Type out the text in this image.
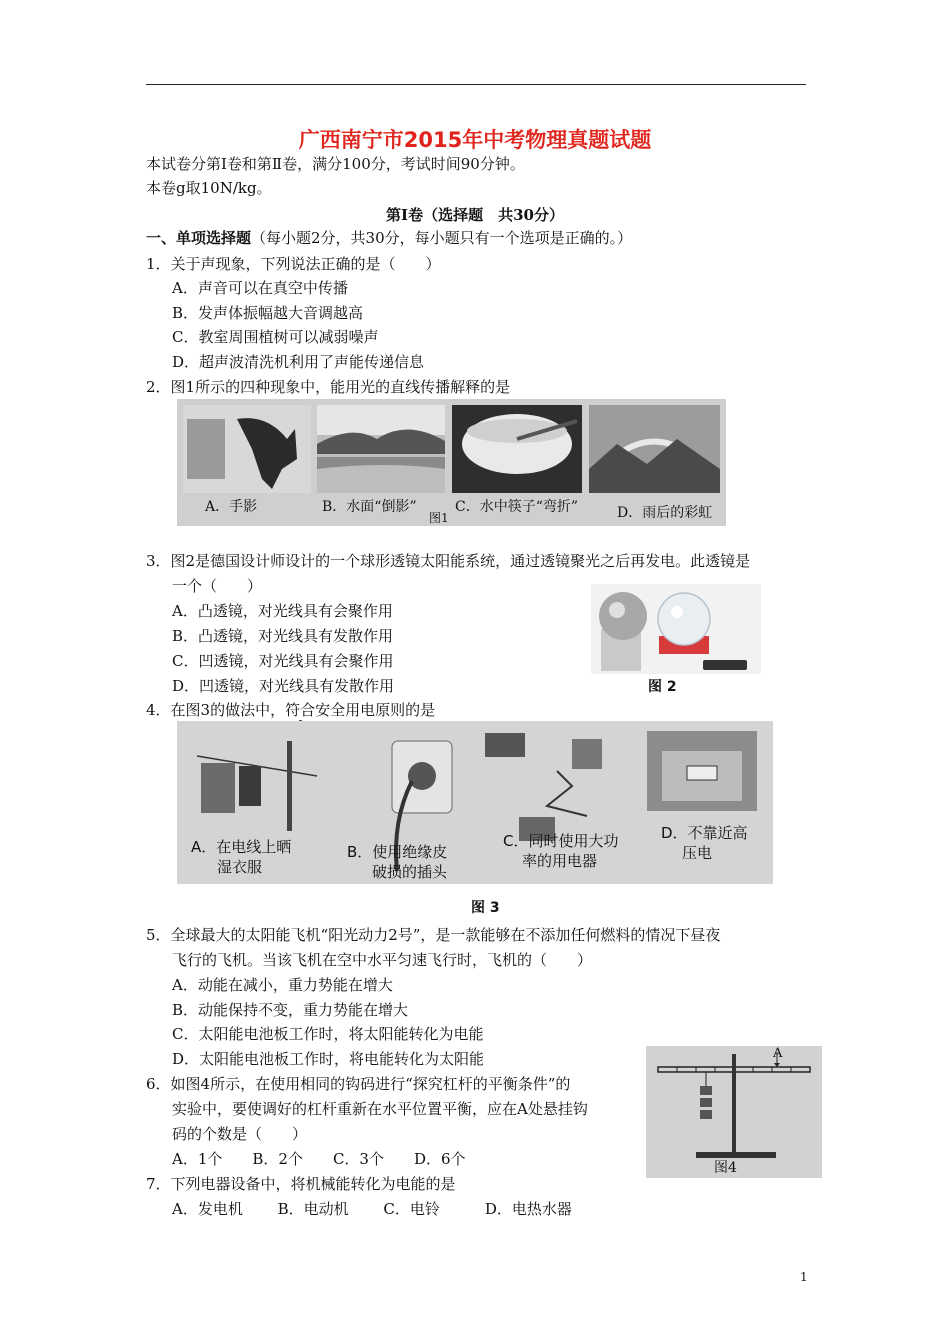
广西南宁市2015年中考物理真题试题
本试卷分第Ⅰ卷和第Ⅱ卷，满分100分，考试时间90分钟。
本卷g取10N/kg。
第Ⅰ卷（选择题　共30分）
一、单项选择题（每小题2分，共30分，每小题只有一个选项是正确的。）
1．关于声现象，下列说法正确的是（　　）
A．声音可以在真空中传播
B．发声体振幅越大音调越高
C．教室周围植树可以减弱噪声
D．超声波清洗机利用了声能传递信息
2．图1所示的四种现象中，能用光的直线传播解释的是
A．手影	B．水面“倒影”	C．水中筷子“弯折”	D．雨后的彩虹
图1
3．图2是德国设计师设计的一个球形透镜太阳能系统，通过透镜聚光之后再发电。此透镜是
一个（　　）
A．凸透镜，对光线具有会聚作用
B．凸透镜，对光线具有发散作用
C．凹透镜，对光线具有会聚作用
D．凹透镜，对光线具有发散作用	图 2
4．在图3的做法中，符合安全用电原则的是
A．在电线上晒
湿衣服
B．使用绝缘皮
破损的插头
C．同时使用大功
率的用电器
D．不靠近高
压电
图 3
5．全球最大的太阳能飞机“阳光动力2号”，是一款能够在不添加任何燃料的情况下昼夜
飞行的飞机。当该飞机在空中水平匀速飞行时，飞机的（　　）
A．动能在减小，重力势能在增大
B．动能保持不变，重力势能在增大
C．太阳能电池板工作时，将太阳能转化为电能
D．太阳能电池板工作时，将电能转化为太阳能
6．如图4所示，在使用相同的钩码进行“探究杠杆的平衡条件”的
实验中，要使调好的杠杆重新在水平位置平衡，应在A处悬挂钩
码的个数是（　　）
A．1个　　B．2个　　C．3个　　D．6个
A
图4
7．下列电器设备中，将机械能转化为电能的是
A．发电机　　 B．电动机　　 C．电铃　　　D．电热水器
1
